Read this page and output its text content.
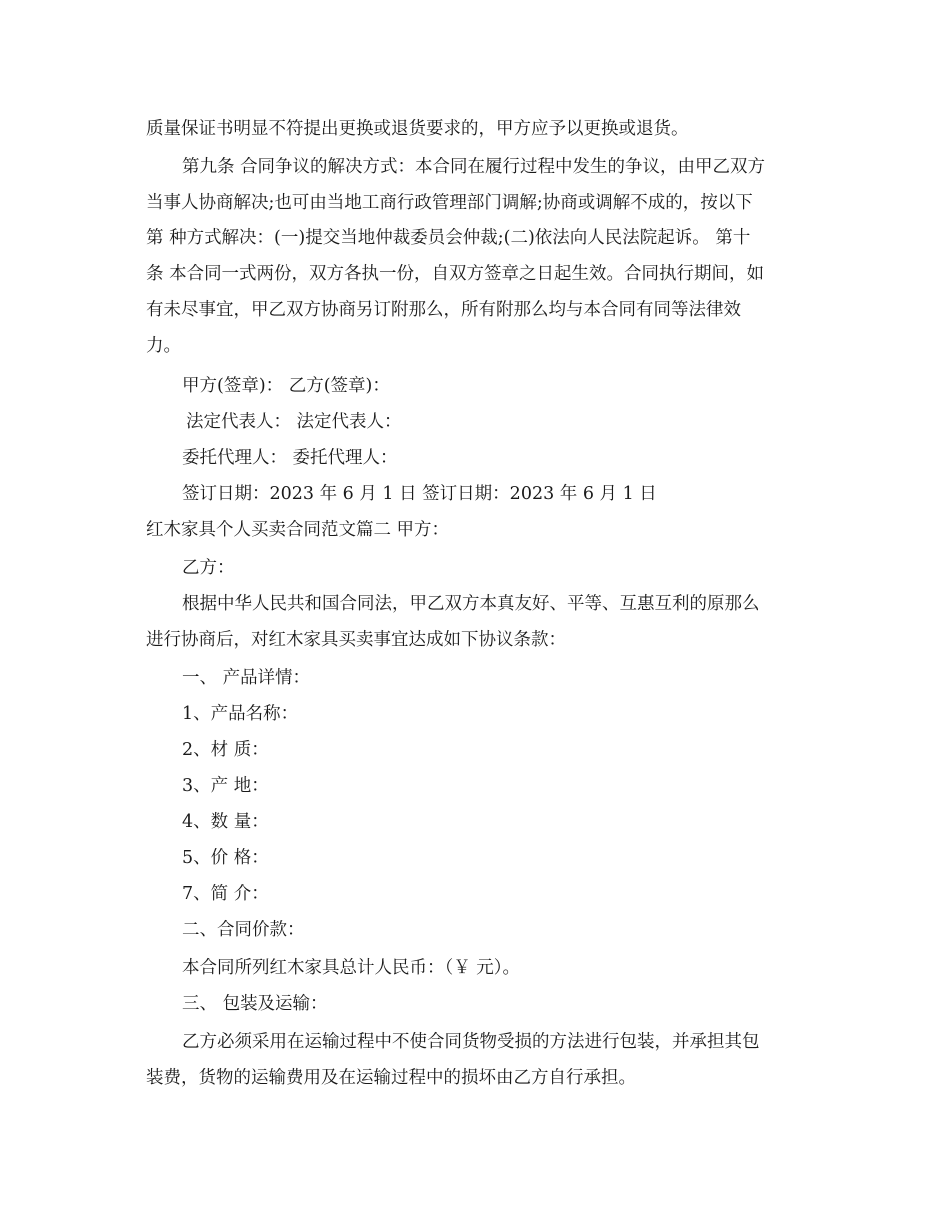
质量保证书明显不符提出更换或退货要求的，甲方应予以更换或退货。
第九条 合同争议的解决方式：本合同在履行过程中发生的争议，由甲乙双方
当事人协商解决;也可由当地工商行政管理部门调解;协商或调解不成的，按以下
第 种方式解决：(一)提交当地仲裁委员会仲裁;(二)依法向人民法院起诉。 第十
条 本合同一式两份，双方各执一份，自双方签章之日起生效。合同执行期间，如
有未尽事宜，甲乙双方协商另订附那么，所有附那么均与本合同有同等法律效
力。
甲方(签章)： 乙方(签章)：
法定代表人： 法定代表人：
委托代理人： 委托代理人：
签订日期：2023 年 6 月 1 日 签订日期：2023 年 6 月 1 日
红木家具个人买卖合同范文篇二 甲方：
乙方：
根据中华人民共和国合同法，甲乙双方本真友好、平等、互惠互利的原那么
进行协商后，对红木家具买卖事宜达成如下协议条款：
一、 产品详情：
1、产品名称：
2、材 质：
3、产 地：
4、数 量：
5、价 格：
7、简 介：
二、合同价款：
本合同所列红木家具总计人民币：（￥ 元）。
三、 包装及运输：
乙方必须采用在运输过程中不使合同货物受损的方法进行包装，并承担其包
装费，货物的运输费用及在运输过程中的损坏由乙方自行承担。
